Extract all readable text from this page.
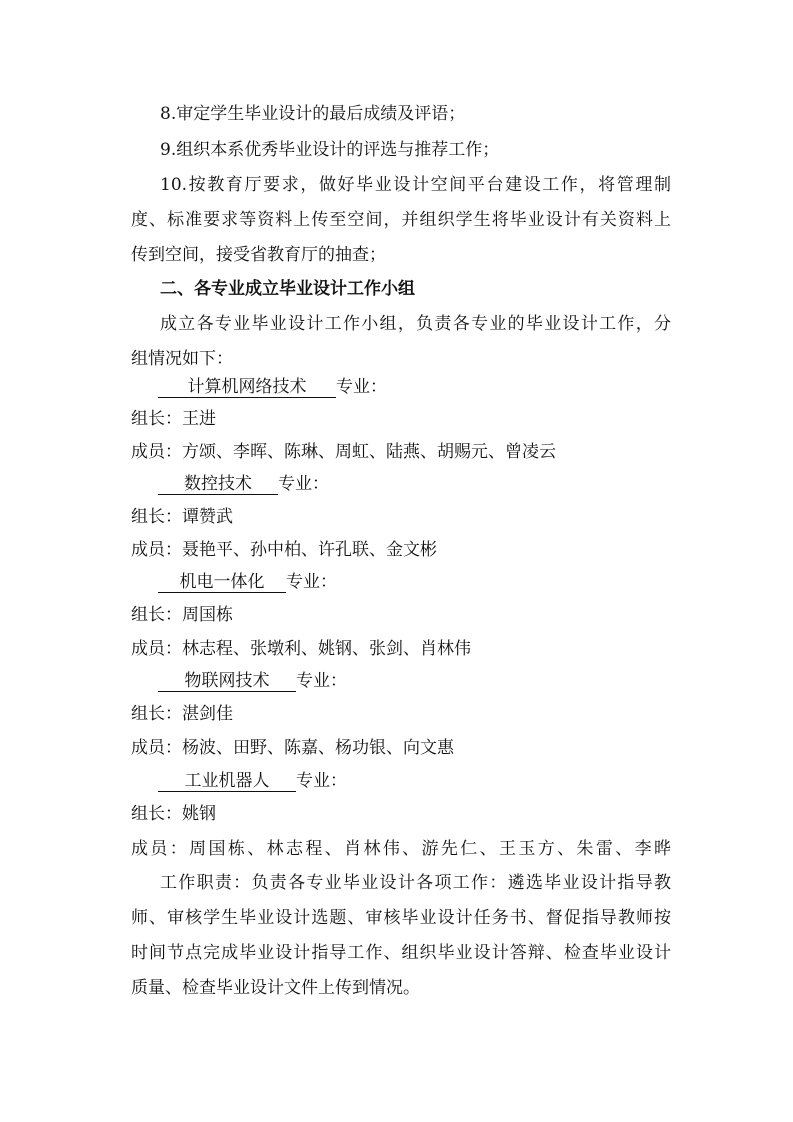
8.审定学生毕业设计的最后成绩及评语；
9.组织本系优秀毕业设计的评选与推荐工作；
10.按教育厅要求，做好毕业设计空间平台建设工作，将管理制
度、标准要求等资料上传至空间，并组织学生将毕业设计有关资料上
传到空间，接受省教育厅的抽查；
二、各专业成立毕业设计工作小组
成立各专业毕业设计工作小组，负责各专业的毕业设计工作，分
组情况如下：
计算机网络技术 专业：
组长：王进
成员：方颂、李晖、陈琳、周虹、陆燕、胡赐元、曾凌云
数控技术 专业：
组长：谭赞武
成员：聂艳平、孙中柏、许孔联、金文彬
机电一体化 专业：
组长：周国栋
成员：林志程、张墩利、姚钢、张剑、肖林伟
物联网技术 专业：
组长：湛剑佳
成员：杨波、田野、陈嘉、杨功银、向文惠
工业机器人 专业：
组长：姚钢
成员：周国栋、林志程、肖林伟、游先仁、王玉方、朱雷、李晔
工作职责：负责各专业毕业设计各项工作：遴选毕业设计指导教
师、审核学生毕业设计选题、审核毕业设计任务书、督促指导教师按
时间节点完成毕业设计指导工作、组织毕业设计答辩、检查毕业设计
质量、检查毕业设计文件上传到情况。
